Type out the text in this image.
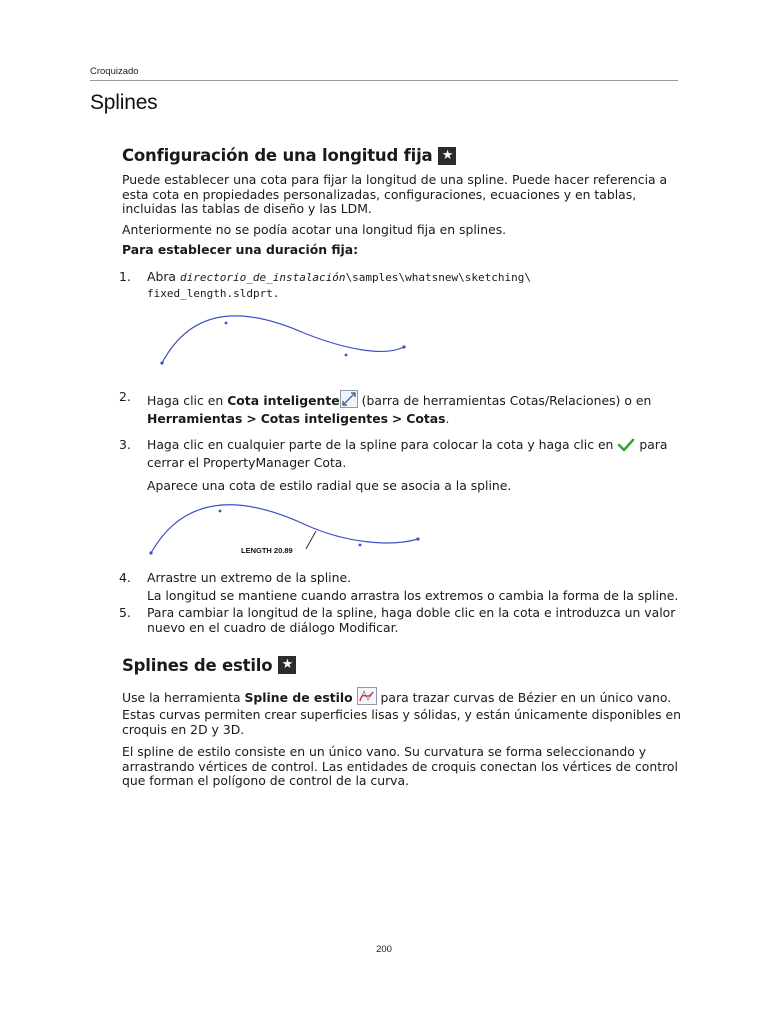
Croquizado
Splines
Configuración de una longitud fija ★

Puede establecer una cota para fijar la longitud de una spline. Puede hacer referencia a esta cota en propiedades personalizadas, configuraciones, ecuaciones y en tablas, incluidas las tablas de diseño y las LDM.

Anteriormente no se podía acotar una longitud fija en splines.

Para establecer una duración fija:

1. Abra directorio_de_instalación\samples\whatsnew\sketching\
fixed_length.sldprt.
2. Haga clic en Cota inteligente (barra de herramientas Cotas/Relaciones) o en
Herramientas > Cotas inteligentes > Cotas.
3. Haga clic en cualquier parte de la spline para colocar la cota y haga clic en para cerrar el PropertyManager Cota.

Aparece una cota de estilo radial que se asocia a la spline.

LENGTH 20.89
4. Arrastre un extremo de la spline.

La longitud se mantiene cuando arrastra los extremos o cambia la forma de la spline.

5. Para cambiar la longitud de la spline, haga doble clic en la cota e introduzca un valor nuevo en el cuadro de diálogo Modificar.
Splines de estilo ★

Use la herramienta Spline de estilo para trazar curvas de Bézier en un único vano. Estas curvas permiten crear superficies lisas y sólidas, y están únicamente disponibles en croquis en 2D y 3D.

El spline de estilo consiste en un único vano. Su curvatura se forma seleccionando y arrastrando vértices de control. Las entidades de croquis conectan los vértices de control que forman el polígono de control de la curva.

200
